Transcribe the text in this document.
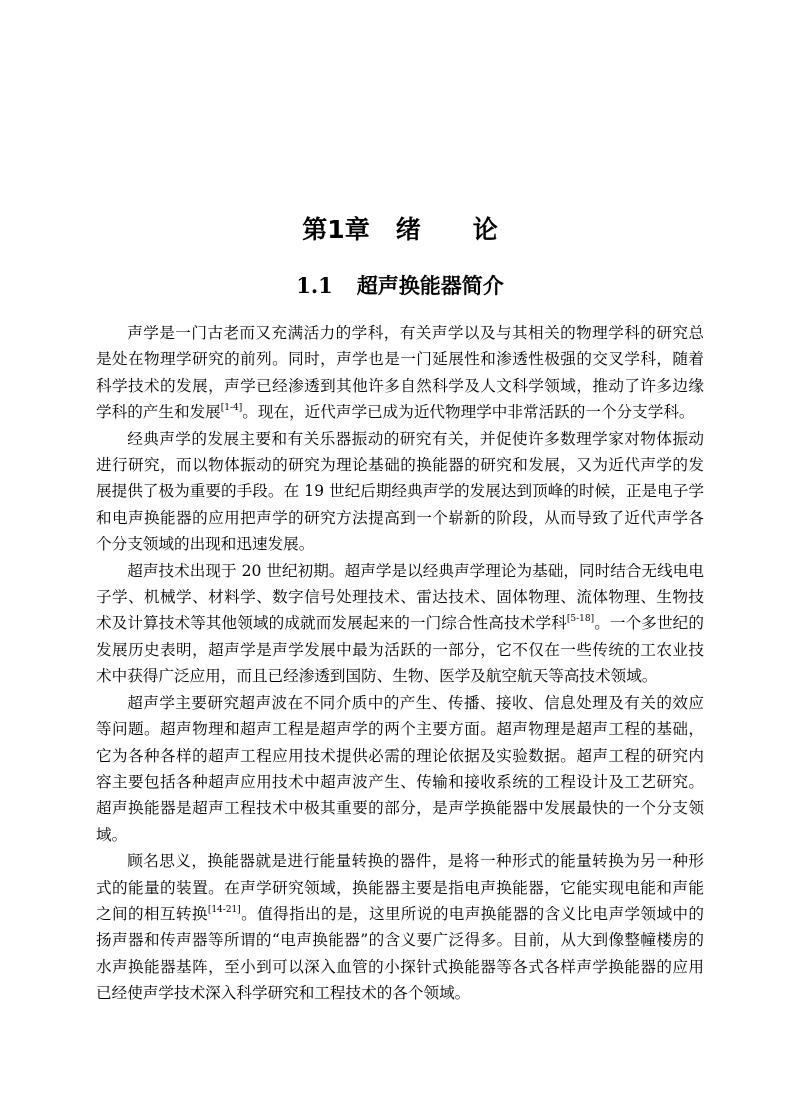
第1章 绪 论
1.1 超声换能器简介

声学是一门古老而又充满活力的学科，有关声学以及与其相关的物理学科的研究总是处在物理学研究的前列。同时，声学也是一门延展性和渗透性极强的交叉学科，随着科学技术的发展，声学已经渗透到其他许多自然科学及人文科学领域，推动了许多边缘学科的产生和发展[1-4]。现在，近代声学已成为近代物理学中非常活跃的一个分支学科。

经典声学的发展主要和有关乐器振动的研究有关，并促使许多数理学家对物体振动进行研究，而以物体振动的研究为理论基础的换能器的研究和发展，又为近代声学的发展提供了极为重要的手段。在 19 世纪后期经典声学的发展达到顶峰的时候，正是电子学和电声换能器的应用把声学的研究方法提高到一个崭新的阶段，从而导致了近代声学各个分支领域的出现和迅速发展。

超声技术出现于 20 世纪初期。超声学是以经典声学理论为基础，同时结合无线电电子学、机械学、材料学、数字信号处理技术、雷达技术、固体物理、流体物理、生物技术及计算技术等其他领域的成就而发展起来的一门综合性高技术学科[5-18]。一个多世纪的发展历史表明，超声学是声学发展中最为活跃的一部分，它不仅在一些传统的工农业技术中获得广泛应用，而且已经渗透到国防、生物、医学及航空航天等高技术领域。

超声学主要研究超声波在不同介质中的产生、传播、接收、信息处理及有关的效应等问题。超声物理和超声工程是超声学的两个主要方面。超声物理是超声工程的基础，它为各种各样的超声工程应用技术提供必需的理论依据及实验数据。超声工程的研究内容主要包括各种超声应用技术中超声波产生、传输和接收系统的工程设计及工艺研究。超声换能器是超声工程技术中极其重要的部分，是声学换能器中发展最快的一个分支领域。

顾名思义，换能器就是进行能量转换的器件，是将一种形式的能量转换为另一种形式的能量的装置。在声学研究领域，换能器主要是指电声换能器，它能实现电能和声能之间的相互转换[14-21]。值得指出的是，这里所说的电声换能器的含义比电声学领域中的扬声器和传声器等所谓的“电声换能器”的含义要广泛得多。目前，从大到像整幢楼房的水声换能器基阵，至小到可以深入血管的小探针式换能器等各式各样声学换能器的应用已经使声学技术深入科学研究和工程技术的各个领域。
